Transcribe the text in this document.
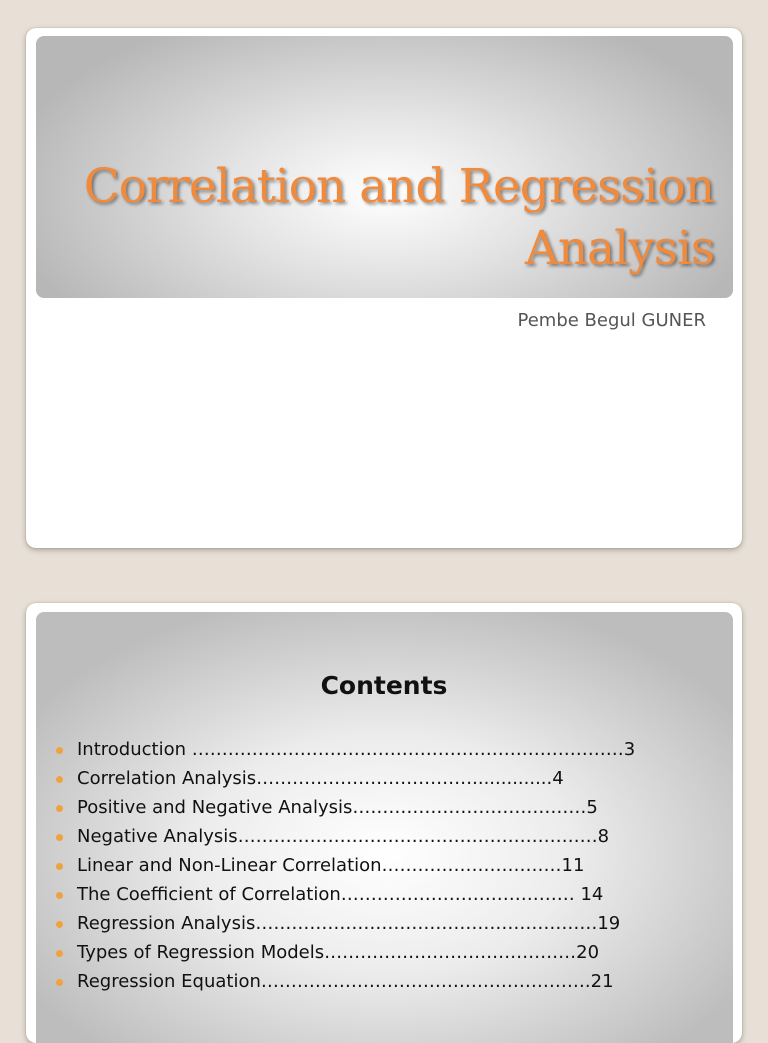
Correlation and Regression
Analysis
Pembe Begul GUNER
Contents
Introduction ………………………………………………………………3
Correlation Analysis………………………………..............4
Positive and Negative Analysis…………………………………5
Negative Analysis……………………………………………………8
Linear and Non-Linear Correlation…………………………11
The Coefficient of Correlation………………………………… 14
Regression Analysis…………………………………………………19
Types of Regression Models……………………………………20
Regression Equation……………………………………………….21
